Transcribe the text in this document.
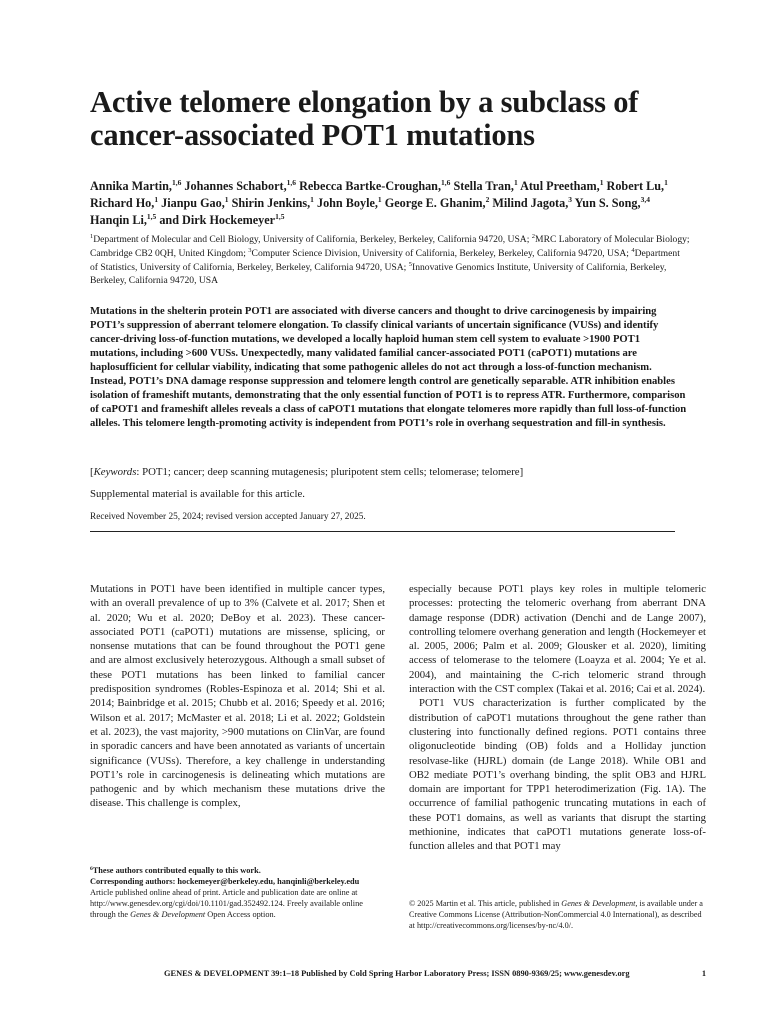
Active telomere elongation by a subclass of cancer-associated POT1 mutations
Annika Martin,$^{1,6}$ Johannes Schabort,$^{1,6}$ Rebecca Bartke-Croughan,$^{1,6}$ Stella Tran,$^1$ Atul Preetham,$^1$ Robert Lu,$^1$ Richard Ho,$^1$ Jianpu Gao,$^1$ Shirin Jenkins,$^1$ John Boyle,$^1$ George E. Ghanim,$^2$ Milind Jagota,$^3$ Yun S. Song,$^{3,4}$ Hanqin Li,$^{1,5}$ and Dirk Hockemeyer$^{1,5}$
$^1$Department of Molecular and Cell Biology, University of California, Berkeley, Berkeley, California 94720, USA; $^2$MRC Laboratory of Molecular Biology; Cambridge CB2 0QH, United Kingdom; $^3$Computer Science Division, University of California, Berkeley, Berkeley, California 94720, USA; $^4$Department of Statistics, University of California, Berkeley, Berkeley, California 94720, USA; $^5$Innovative Genomics Institute, University of California, Berkeley, Berkeley, California 94720, USA
Mutations in the shelterin protein POT1 are associated with diverse cancers and thought to drive carcinogenesis by impairing POT1’s suppression of aberrant telomere elongation. To classify clinical variants of uncertain significance (VUSs) and identify cancer-driving loss-of-function mutations, we developed a locally haploid human stem cell system to evaluate >1900 POT1 mutations, including >600 VUSs. Unexpectedly, many validated familial cancer-associated POT1 (caPOT1) mutations are haplosufficient for cellular viability, indicating that some pathogenic alleles do not act through a loss-of-function mechanism. Instead, POT1’s DNA damage response suppression and telomere length control are genetically separable. ATR inhibition enables isolation of frameshift mutants, demonstrating that the only essential function of POT1 is to repress ATR. Furthermore, comparison of caPOT1 and frameshift alleles reveals a class of caPOT1 mutations that elongate telomeres more rapidly than full loss-of-function alleles. This telomere length-promoting activity is independent from POT1’s role in overhang sequestration and fill-in synthesis.
[Keywords: POT1; cancer; deep scanning mutagenesis; pluripotent stem cells; telomerase; telomere]
Supplemental material is available for this article.
Received November 25, 2024; revised version accepted January 27, 2025.

Mutations in POT1 have been identified in multiple cancer types, with an overall prevalence of up to 3% (Calvete et al. 2017; Shen et al. 2020; Wu et al. 2020; DeBoy et al. 2023). These cancer-associated POT1 (caPOT1) mutations are missense, splicing, or nonsense mutations that can be found throughout the POT1 gene and are almost exclusively heterozygous. Although a small subset of these POT1 mutations has been linked to familial cancer predisposition syndromes (Robles-Espinoza et al. 2014; Shi et al. 2014; Bainbridge et al. 2015; Chubb et al. 2016; Speedy et al. 2016; Wilson et al. 2017; McMaster et al. 2018; Li et al. 2022; Goldstein et al. 2023), the vast majority, >900 mutations on ClinVar, are found in sporadic cancers and have been annotated as variants of uncertain significance (VUSs). Therefore, a key challenge in understanding POT1’s role in carcinogenesis is delineating which mutations are pathogenic and by which mechanism these mutations drive the disease. This challenge is complex,

especially because POT1 plays key roles in multiple telomeric processes: protecting the telomeric overhang from aberrant DNA damage response (DDR) activation (Denchi and de Lange 2007), controlling telomere overhang generation and length (Hockemeyer et al. 2005, 2006; Palm et al. 2009; Glousker et al. 2020), limiting access of telomerase to the telomere (Loayza et al. 2004; Ye et al. 2004), and maintaining the C-rich telomeric strand through interaction with the CST complex (Takai et al. 2016; Cai et al. 2024).

POT1 VUS characterization is further complicated by the distribution of caPOT1 mutations throughout the gene rather than clustering into functionally defined regions. POT1 contains three oligonucleotide binding (OB) folds and a Holliday junction resolvase-like (HJRL) domain (de Lange 2018). While OB1 and OB2 mediate POT1’s overhang binding, the split OB3 and HJRL domain are important for TPP1 heterodimerization (Fig. 1A). The occurrence of familial pathogenic truncating mutations in each of these POT1 domains, as well as variants that disrupt the starting methionine, indicates that caPOT1 mutations generate loss-of-function alleles and that POT1 may

$^6$These authors contributed equally to this work.
Corresponding authors: hockemeyer@berkeley.edu, hanqinli@berkeley.edu
Article published online ahead of print. Article and publication date are online at http://www.genesdev.org/cgi/doi/10.1101/gad.352492.124. Freely available online through the Genes & Development Open Access option.
© 2025 Martin et al. This article, published in Genes & Development, is available under a Creative Commons License (Attribution-NonCommercial 4.0 International), as described at http://creativecommons.org/licenses/by-nc/4.0/.
GENES & DEVELOPMENT 39:1–18 Published by Cold Spring Harbor Laboratory Press; ISSN 0890-9369/25; www.genesdev.org	1
